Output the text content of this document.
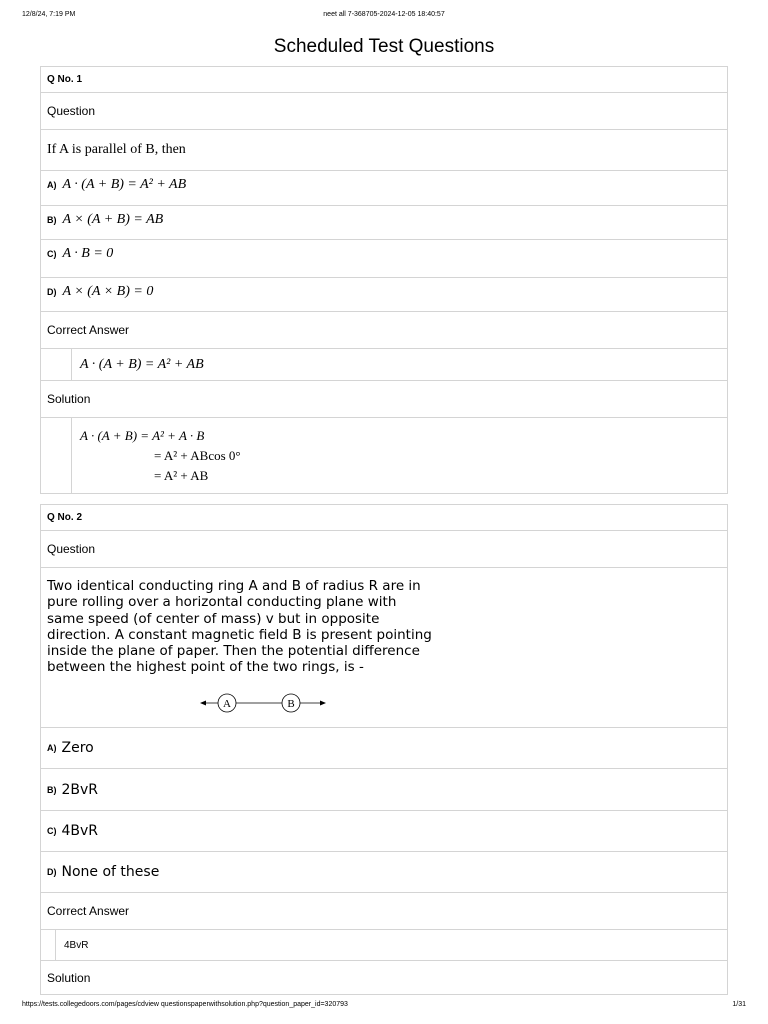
12/8/24, 7:19 PM	neet all 7-368705-2024-12-05 18:40:57
Scheduled Test Questions
Q No. 1
Question
If A is parallel of B, then
A) A · (A + B) = A² + AB
B) A × (A + B) = AB
C) A · B = 0
D) A × (A × B) = 0
Correct Answer
A · (A + B) = A² + AB
Solution
A · (A + B) = A² + A · B
= A² + ABcos 0°
= A² + AB
Q No. 2
Question
Two identical conducting ring A and B of radius R are in
pure rolling over a horizontal conducting plane with
same speed (of center of mass) v but in opposite
direction. A constant magnetic field B is present pointing
inside the plane of paper. Then the potential difference
between the highest point of the two rings, is -
A	B
A) Zero
B) 2BvR
C) 4BvR
D) None of these
Correct Answer
4BvR
Solution
https://tests.collegedoors.com/pages/cdview questionspaperwithsolution.php?question_paper_id=320793	1/31
